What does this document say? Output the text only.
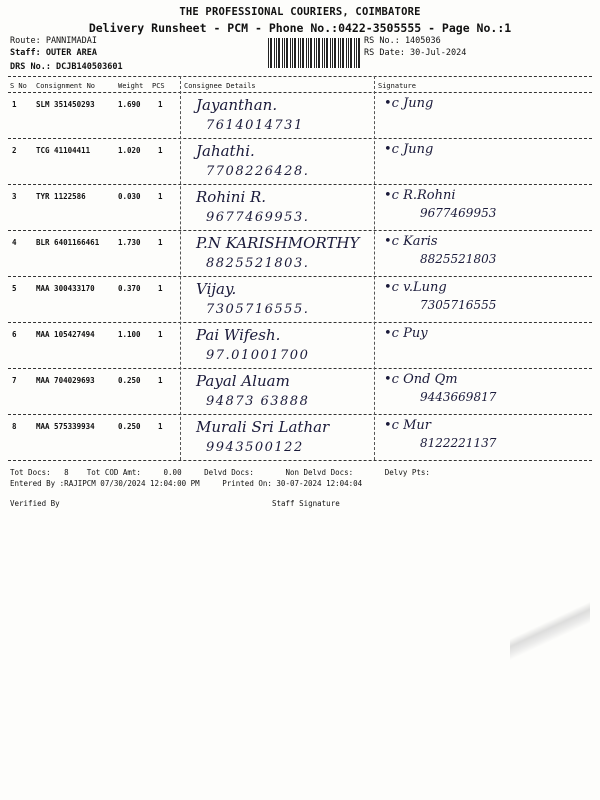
THE PROFESSIONAL COURIERS, COIMBATORE
Delivery Runsheet - PCM - Phone No.:0422-3505555 - Page No.:1
Route: PANNIMADAI
Staff: OUTER AREA
DRS No.: DCJB140503601
RS No.: 1405036
RS Date: 30-Jul-2024
S No Consignment No	Weight PCS	Consignee Details	Signature
1	SLM 351450293	1.690 1 Jayanthan.
7614014731
•c Jung
2	TCG 41104411	1.020 1 Jahathi.
7708226428.
•c Jung
3	TYR 1122586	0.030 1 Rohini R.
9677469953.
•c R.Rohni
9677469953
4	BLR 6401166461	1.730 1 P.N KARISHMORTHY
8825521803.
•c Karis
8825521803
5	MAA 300433170	0.370 1 Vijay.
7305716555.
•c v.Lung
7305716555
6	MAA 105427494	1.100 1 Pai Wifesh.
97.01001700
•c Puy
7	MAA 704029693	0.250 1 Payal Aluam
94873 63888
•c Ond Qm
9443669817
8	MAA 575339934	0.250 1 Murali Sri Lathar
9943500122
•c Mur
8122221137
Tot Docs:   8    Tot COD Amt:     0.00     Delvd Docs:       Non Delvd Docs:       Delvy Pts:
Entered By :RAJIPCM 07/30/2024 12:04:00 PM     Printed On: 30-07-2024 12:04:04
Verified By	Staff Signature
